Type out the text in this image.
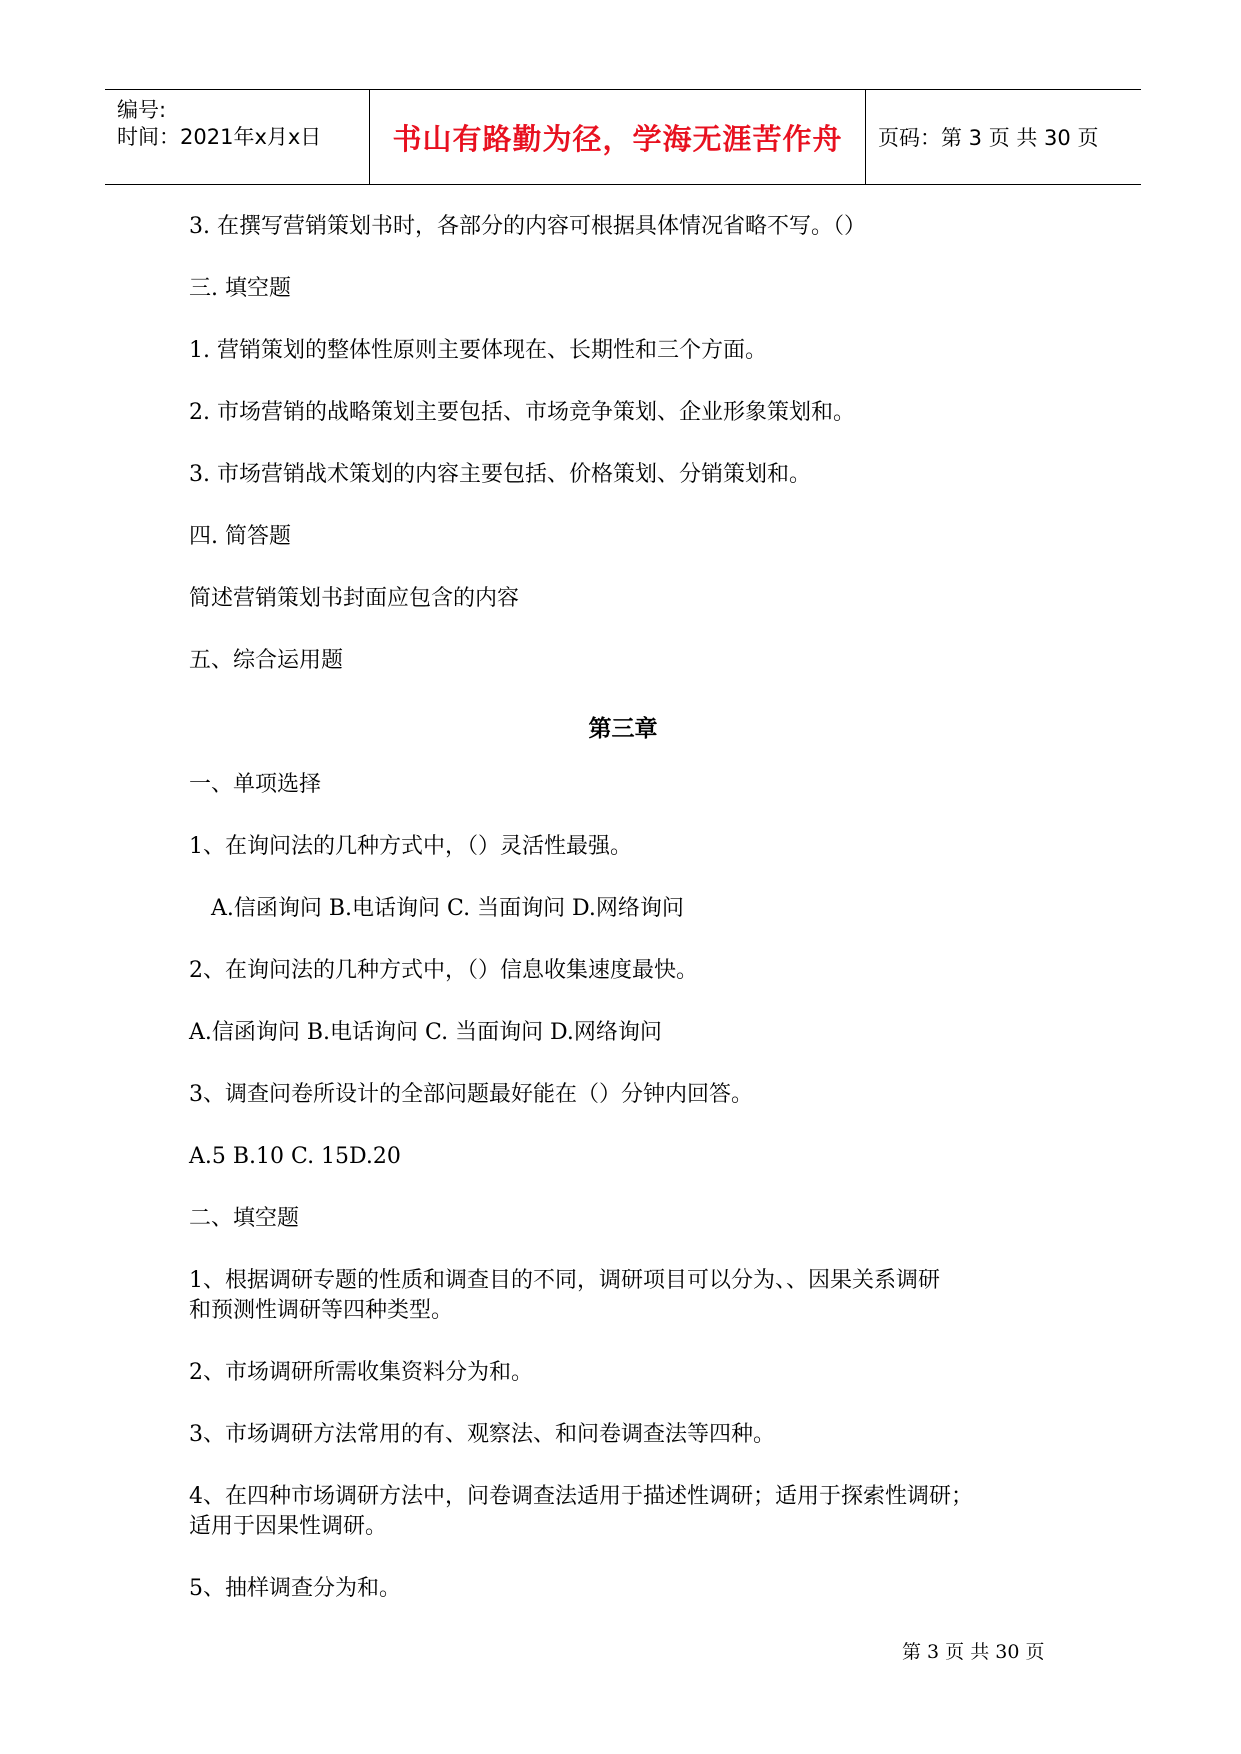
编号:
时间：2021年x月x日 书山有路勤为径，学海无涯苦作舟 页码：第 3 页 共 30 页
3. 在撰写营销策划书时，各部分的内容可根据具体情况省略不写。（）
三. 填空题
1. 营销策划的整体性原则主要体现在、长期性和三个方面。
2. 市场营销的战略策划主要包括、市场竞争策划、企业形象策划和。
3. 市场营销战术策划的内容主要包括、价格策划、分销策划和。
四. 简答题
简述营销策划书封面应包含的内容
五、综合运用题
第三章
一、单项选择
1、在询问法的几种方式中，（）灵活性最强。
A.信函询问 B.电话询问 C. 当面询问 D.网络询问
2、在询问法的几种方式中，（）信息收集速度最快。
A.信函询问 B.电话询问 C. 当面询问 D.网络询问
3、调查问卷所设计的全部问题最好能在（）分钟内回答。
A.5 B.10 C. 15D.20
二、填空题
1、根据调研专题的性质和调查目的不同，调研项目可以分为、、因果关系调研
和预测性调研等四种类型。
2、市场调研所需收集资料分为和。
3、市场调研方法常用的有、观察法、和问卷调查法等四种。
4、在四种市场调研方法中，问卷调查法适用于描述性调研；适用于探索性调研；
适用于因果性调研。
5、抽样调查分为和。
第 3 页 共 30 页
